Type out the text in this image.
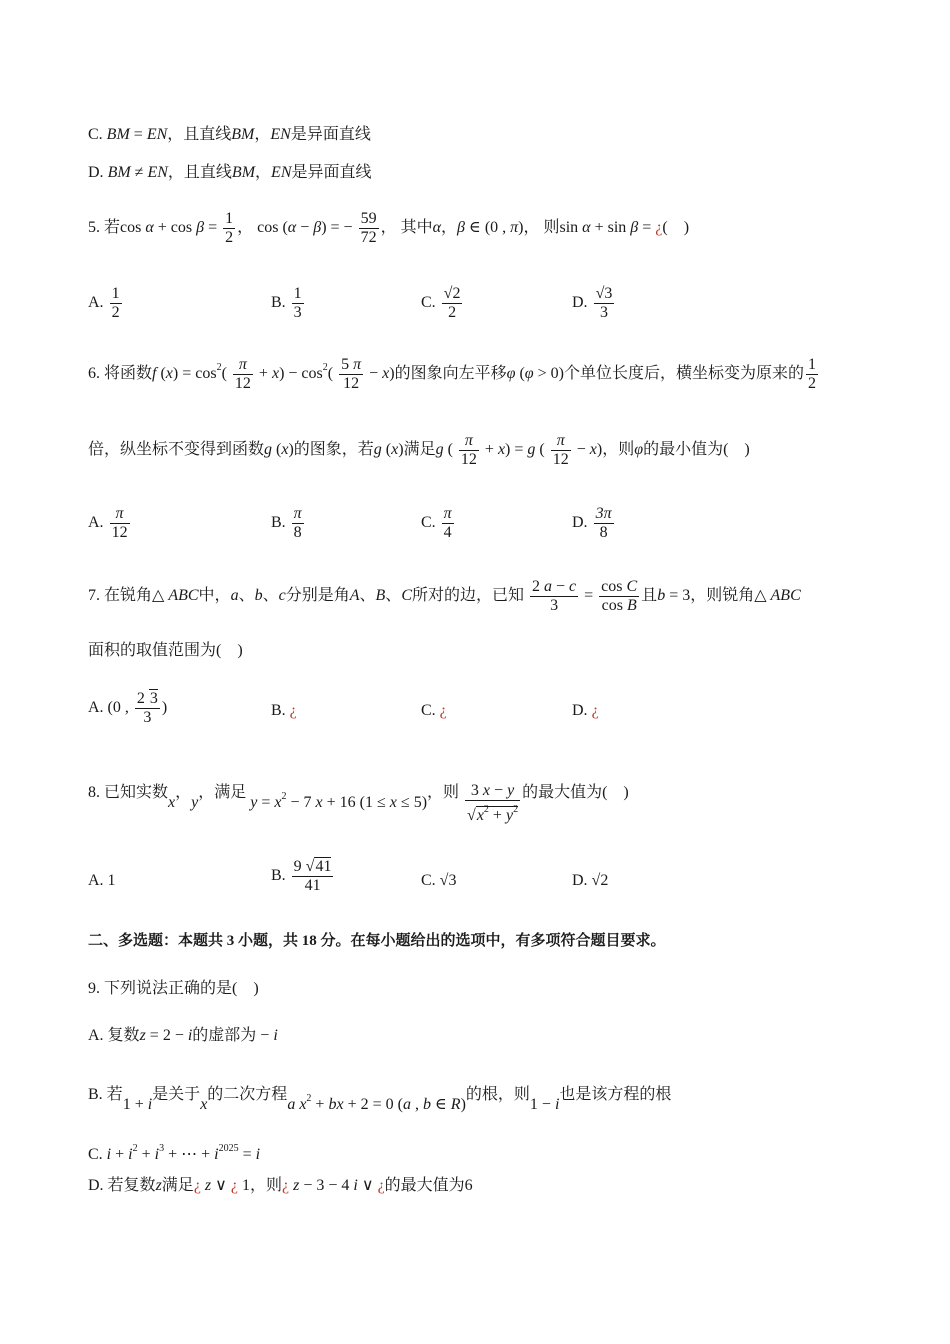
C. BM = EN，且直线BM，EN是异面直线
D. BM ≠ EN，且直线BM，EN是异面直线
5. 若$\cos \alpha + \cos \beta = \frac{1}{2}$ ， cos (α − β) = − $\frac{59}{72}$ ， 其中α，β ∈ (0 , π)， 则sin α + sin β = ¿(　)
A. $\frac{1}{2}$	B. $\frac{1}{3}$	C. $\frac{√2}{2}$	D. $\frac{√3}{3}$
6. 将函数f $(x) = \cos^2( \frac{\pi}{12} + x) - \cos^2( \frac{5 \pi}{12} - x)$的图象向左平移φ (φ > 0)个单位长度后，横坐标变为原来的 $\frac{1}{2}$
倍，纵坐标不变得到函数g (x)的图象，若g (x)满足g ( $\frac{\pi}{12} + x) = g$ ( $\frac{\pi}{12} - x$)，则φ的最小值为(　)
A. $\frac{\pi}{12}$	B. $\frac{\pi}{8}$	C. $\frac{\pi}{4}$	D. $\frac{3\pi}{8}$
7. 在锐角△ ABC中，a、b、c分别是角A、B、C所对的边，已知 $\frac{2 a - c}{3} = \frac{\text{cos C}}{\text{cos B}}$ 且b = 3，则锐角△ ABC
面积的取值范围为(　)
A. (0 , $\frac{2 3}{3}$ )	B. ¿	C. ¿	D. ¿
8. 已知实数x，y，满足 $y = x^2 - 7$ x + 16 (1 ≤ x ≤ 5)，则 $\frac{3 x - y}{√x^2 + y^2}$ 的最大值为(　)
A. 1	B. $\frac{9 √41}{41}$	C. √3	D. √2
二、多选题：本题共 3 小题，共 18 分。在每小题给出的选项中，有多项符合题目要求。
9. 下列说法正确的是(　)
A. 复数z = 2 − i的虚部为 − i
B. 若1 + i是关于x的二次方程a $x^2$ + bx + 2 = 0 (a , b ∈ R)的根，则1 − i也是该方程的根
C. $i + i^2 + i^3$ + ⋯ + $i^{2025} = i$
D. 若复数z满足¿ z ∨ ¿ 1，则¿ z − 3 − 4 i ∨ ¿的最大值为6
